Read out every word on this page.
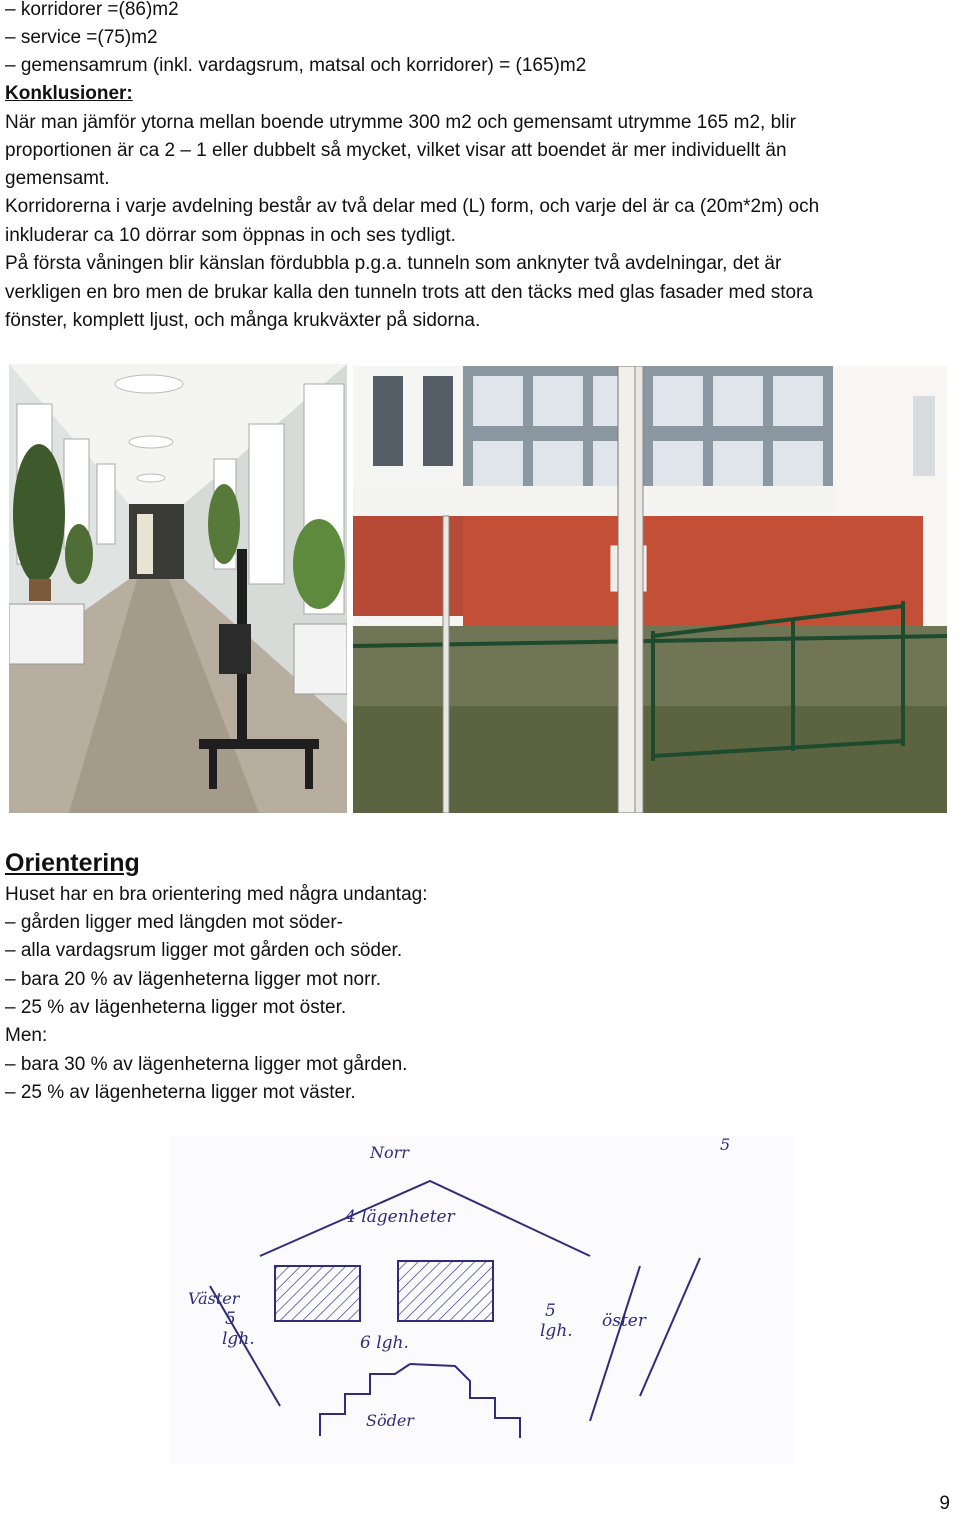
– korridorer =(86)m2
– service =(75)m2
– gemensamrum (inkl. vardagsrum, matsal och korridorer) = (165)m2
Konklusioner:
När man jämför ytorna mellan boende utrymme 300 m2 och gemensamt utrymme 165 m2, blir
proportionen är ca 2 – 1 eller dubbelt så mycket, vilket visar att boendet är mer individuellt än
gemensamt.
Korridorerna i varje avdelning består av två delar med (L) form, och varje del är ca (20m*2m) och
inkluderar ca 10 dörrar som öppnas in och ses tydligt.
På första våningen blir känslan fördubbla p.g.a. tunneln som anknyter två avdelningar, det är
verkligen en bro men de brukar kalla den tunneln trots att den täcks med glas fasader med stora
fönster, komplett ljust, och många krukväxter på sidorna.
Orientering
Huset har en bra orientering med några undantag:
– gården ligger med längden mot söder-
– alla vardagsrum ligger mot gården och söder.
– bara 20 % av lägenheterna ligger mot norr.
– 25 % av lägenheterna ligger mot öster.
Men:
– bara 30 % av lägenheterna ligger mot gården.
– 25 % av lägenheterna ligger mot väster.
Norr
4 lägenheter
Väster
5
lgh.	6 lgh.
5
lgh. öster
Söder
5
9
